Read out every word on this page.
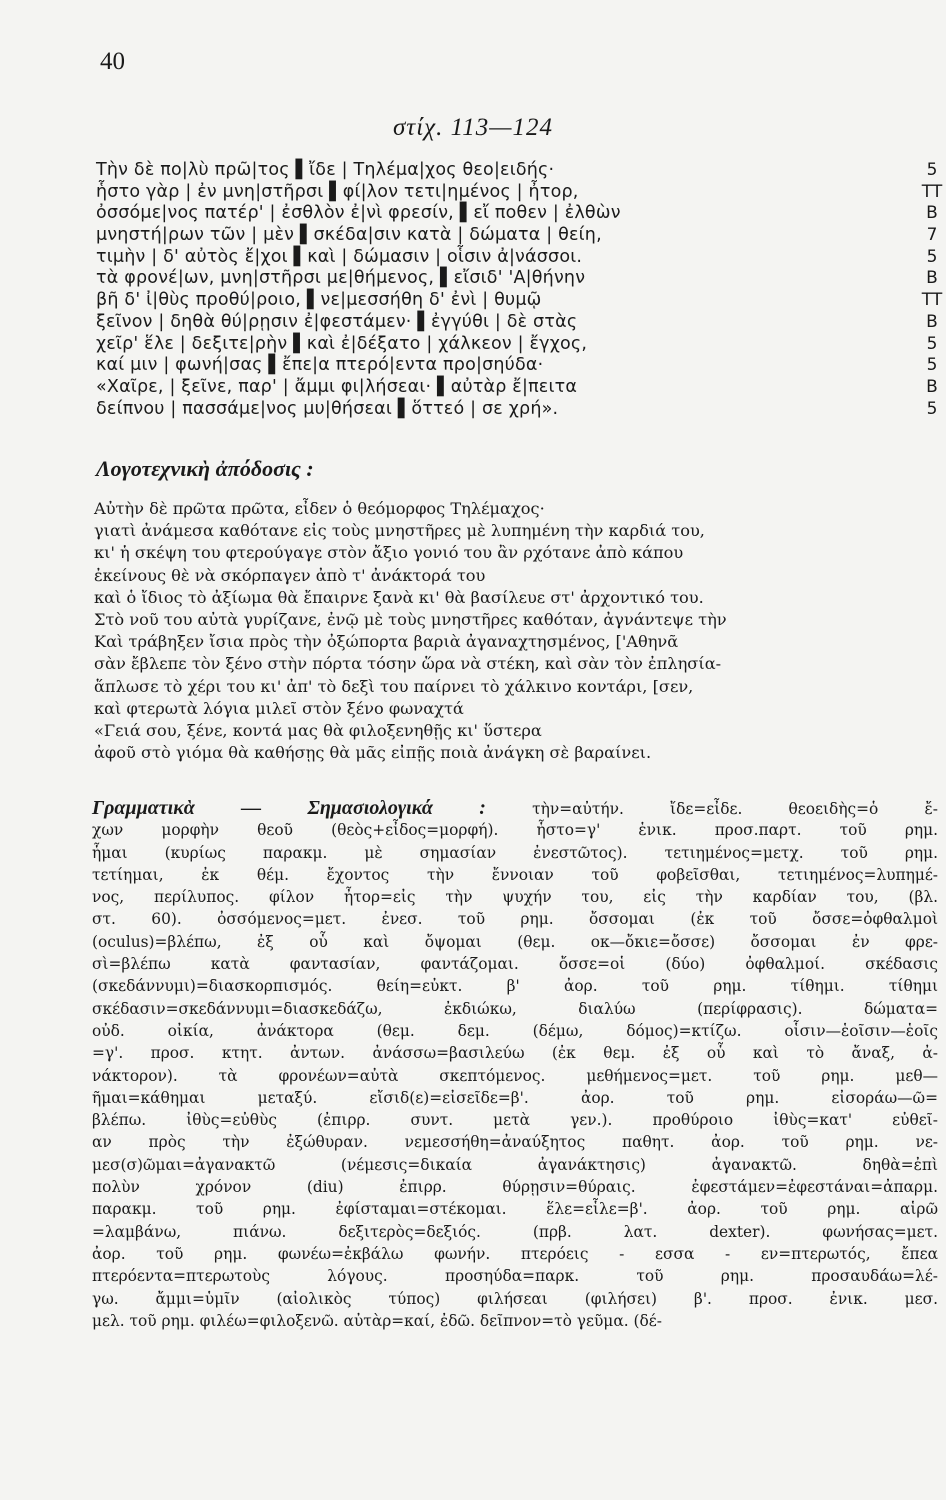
40
στίχ. 113—124
Τὴν δὲ πο|λὺ πρῶ|τος ▌ἴδε | Τηλέμα|χος θεο|ειδής·
ἧστο γὰρ | ἐν μνη|στῆρσι ▌φί|λον τετι|ημένος | ἦτορ,
ὀσσόμε|νος πατέρ' | ἐσθλὸν ἐ|νὶ φρεσίν, ▌εἴ ποθεν | ἐλθὼν
μνηστή|ρων τῶν | μὲν ▌σκέδα|σιν κατὰ | δώματα | θείη,
τιμὴν | δ' αὐτὸς ἔ|χοι ▌καὶ | δώμασιν | οἷσιν ἀ|νάσσοι.
τὰ φρονέ|ων, μνη|στῆρσι με|θήμενος, ▌εἴσιδ' 'Α|θήνην
βῆ δ' ἰ|θὺς προθύ|ροιο, ▌νε|μεσσήθη δ' ἐνὶ | θυμῷ
ξεῖνον | δηθὰ θύ|ρῃσιν ἐ|φεστάμεν· ▌ἐγγύθι | δὲ στὰς
χεῖρ' ἕλε | δεξιτε|ρὴν ▌καὶ ἐ|δέξατο | χάλκεον | ἔγχος,
καί μιν | φωνή|σας ▌ἔπε|α πτερό|εντα προ|σηύδα·
«Χαῖρε, | ξεῖνε, παρ' | ἄμμι φι|λήσεαι· ▌αὐτὰρ ἔ|πειτα
δείπνου | πασσάμε|νος μυ|θήσεαι ▌ὅττεό | σε χρή».
5
TT
B
7
5
B
TT
B
5
5
B
5
Λογοτεχνικὴ ἀπόδοσις :
Αὐτὴν δὲ πρῶτα πρῶτα, εἶδεν ὁ θεόμορφος Τηλέμαχος·
γιατὶ ἀνάμεσα καθότανε εἰς τοὺς μνηστῆρες μὲ λυπημένη τὴν καρδιά του,
κι' ἡ σκέψη του φτερούγαγε στὸν ἄξιο γονιό του ἂν ρχότανε ἀπὸ κάπου
ἐκείνους θὲ νὰ σκόρπαγεν ἀπὸ τ' ἀνάκτορά του
καὶ ὁ ἴδιος τὸ ἀξίωμα θὰ ἔπαιρνε ξανὰ κι' θὰ βασίλευε στ' ἀρχοντικό του.
Στὸ νοῦ του αὐτὰ γυρίζανε, ἐνῷ μὲ τοὺς μνηστῆρες καθόταν, ἀγνάντεψε τὴν
Καὶ τράβηξεν ἴσια πρὸς τὴν ὀξώπορτα βαριὰ ἀγαναχτησμένος, ['Αθηνᾶ
σὰν ἔβλεπε τὸν ξένο στὴν πόρτα τόσην ὥρα νὰ στέκη, καὶ σὰν τὸν ἐπλησία-
ἅπλωσε τὸ χέρι του κι' ἀπ' τὸ δεξὶ του παίρνει τὸ χάλκινο κοντάρι, [σεν,
καὶ φτερωτὰ λόγια μιλεῖ στὸν ξένο φωναχτά
«Γειά σου, ξένε, κοντά μας θὰ φιλοξενηθῇς κι' ὕστερα
ἀφοῦ στὸ γιόμα θὰ καθήσῃς θὰ μᾶς εἰπῇς ποιὰ ἀνάγκη σὲ βαραίνει.
Γραμματικὰ — Σημασιολογικά :	τὴν=αὐτήν. ἴδε=εἶδε. θεοειδὴς=ὁ ἔ-
χων μορφὴν θεοῦ (θεὸς+εἶδος=μορφή). ἧστο=γ' ἑνικ. προσ.παρτ. τοῦ ρημ.
ἧμαι (κυρίως παρακμ. μὲ σημασίαν ἐνεστῶτος). τετιημένος=μετχ. τοῦ ρημ.
τετίημαι, ἐκ θέμ. ἔχοντος τὴν ἔννοιαν τοῦ φοβεῖσθαι, τετιημένος=λυπημέ-
νος, περίλυπος. φίλον ἦτορ=εἰς τὴν ψυχήν του, εἰς τὴν καρδίαν του, (βλ.
στ. 60). ὀσσόμενος=μετ. ἐνεσ. τοῦ ρημ. ὄσσομαι (ἐκ τοῦ ὄσσε=ὀφθαλμοὶ
(oculus)=βλέπω, ἐξ οὗ καὶ ὄψομαι (θεμ. οκ—ὄκιε=ὄσσε) ὄσσομαι ἐν φρε-
σὶ=βλέπω κατὰ φαντασίαν, φαντάζομαι. ὄσσε=οἱ (δύο) ὀφθαλμοί. σκέδασις
(σκεδάννυμι)=διασκορπισμός. θείη=εὐκτ. β' ἀορ. τοῦ ρημ. τίθημι. τίθημι
σκέδασιν=σκεδάννυμι=διασκεδάζω, ἐκδιώκω, διαλύω (περίφρασις). δώματα=
οὐδ. οἰκία, ἀνάκτορα (θεμ. δεμ. (δέμω, δόμος)=κτίζω. οἷσιν—ἑοῖσιν—ἑοῖς
=γ'. προσ. κτητ. ἀντων. ἀνάσσω=βασιλεύω (ἐκ θεμ. ἐξ οὗ καὶ τὸ ἄναξ, ἀ-
νάκτορον). τὰ φρονέων=αὐτὰ σκεπτόμενος. μεθήμενος=μετ. τοῦ ρημ. μεθ—
ῆμαι=κάθημαι μεταξύ. εἴσιδ(ε)=εἰσεῖδε=β'. ἀορ. τοῦ ρημ. εἰσοράω—ῶ=
βλέπω. ἰθὺς=εὐθὺς (ἐπιρρ. συντ. μετὰ γεν.). προθύροιο ἰθὺς=κατ' εὐθεῖ-
αν πρὸς τὴν ἐξώθυραν. νεμεσσήθη=ἀναύξητος παθητ. ἀορ. τοῦ ρημ. νε-
μεσ(σ)ῶμαι=ἀγανακτῶ (νέμεσις=δικαία ἀγανάκτησις) ἀγανακτῶ. δηθὰ=ἐπὶ
πολὺν χρόνον (diu) ἐπιρρ. θύρῃσιν=θύραις. ἐφεστάμεν=ἐφεστάναι=ἀπαρμ.
παρακμ. τοῦ ρημ. ἐφίσταμαι=στέκομαι. ἕλε=εἷλε=β'. ἀορ. τοῦ ρημ. αἱρῶ
=λαμβάνω, πιάνω. δεξιτερὸς=δεξιός. (πρβ. λατ. dexter). φωνήσας=μετ.
ἀορ. τοῦ ρημ. φωνέω=ἐκβάλω φωνήν. πτερόεις - εσσα - εν=πτερωτός, ἔπεα
πτερόεντα=πτερωτοὺς λόγους. προσηύδα=παρκ. τοῦ ρημ. προσαυδάω=λέ-
γω. ἄμμι=ὑμῖν (αἰολικὸς τύπος) φιλήσεαι (φιλήσει) β'. προσ. ἐνικ. μεσ.
μελ. τοῦ ρημ. φιλέω=φιλοξενῶ. αὐτὰρ=καί, ἐδῶ. δεῖπνον=τὸ γεῦμα. (δέ-
